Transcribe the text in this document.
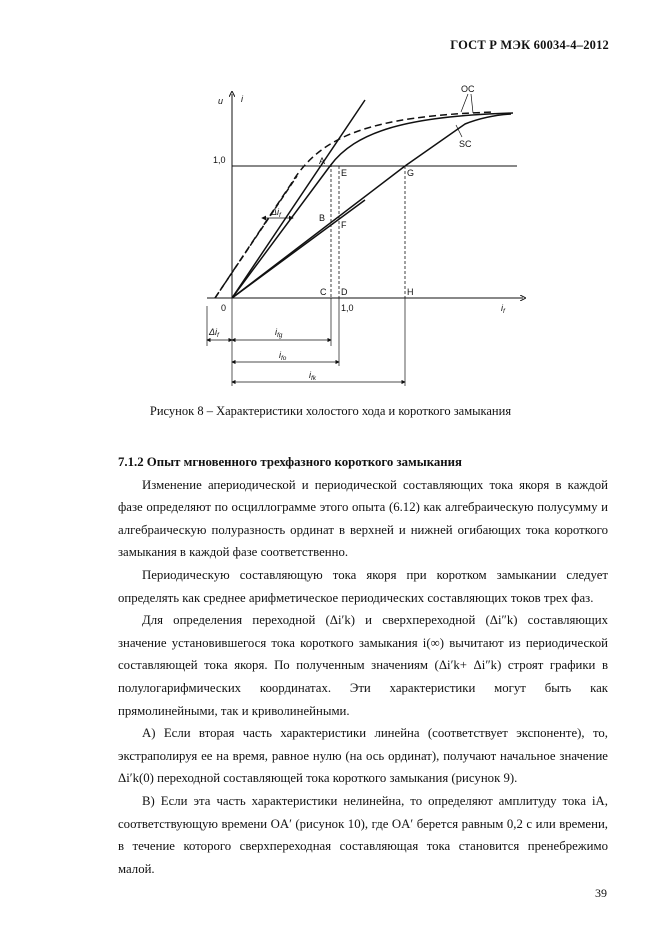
ГОСТ Р МЭК 60034-4–2012
u i
1,0
1,0
0	$i_f$
OC
SC
A
E	G
B
F
C D	H
$\Delta i_f$
$\Delta i_f$	$i_{fg}$
$i_{fo}$
$i_{fk}$
Рисунок 8 – Характеристики холостого хода и короткого замыкания
7.1.2 Опыт мгновенного трехфазного короткого замыкания

Изменение апериодической и периодической составляющих тока якоря в каждой фазе определяют по осциллограмме этого опыта (6.12) как алгебраическую полусумму и алгебраическую полуразность ординат в верхней и нижней огибающих тока короткого замыкания в каждой фазе соответственно.

Периодическую составляющую тока якоря при коротком замыкании следует определять как среднее арифметическое периодических составляющих токов трех фаз.

Для определения переходной (Δi′k) и сверхпереходной (Δi″k) составляющих значение установившегося тока короткого замыкания i(∞) вычитают из периодической составляющей тока якоря. По полученным значениям (Δi′k+ Δi″k) строят графики в полулогарифмических координатах. Эти характеристики могут быть как прямолинейными, так и криволинейными.

А) Если вторая часть характеристики линейна (соответствует экспоненте), то, экстраполируя ее на время, равное нулю (на ось ординат), получают начальное значение Δi′k(0) переходной составляющей тока короткого замыкания (рисунок 9).

В) Если эта часть характеристики нелинейна, то определяют амплитуду тока iA, соответствующую времени OA′ (рисунок 10), где OA′ берется равным 0,2 с или времени, в течение которого сверхпереходная составляющая тока становится пренебрежимо малой.

39
